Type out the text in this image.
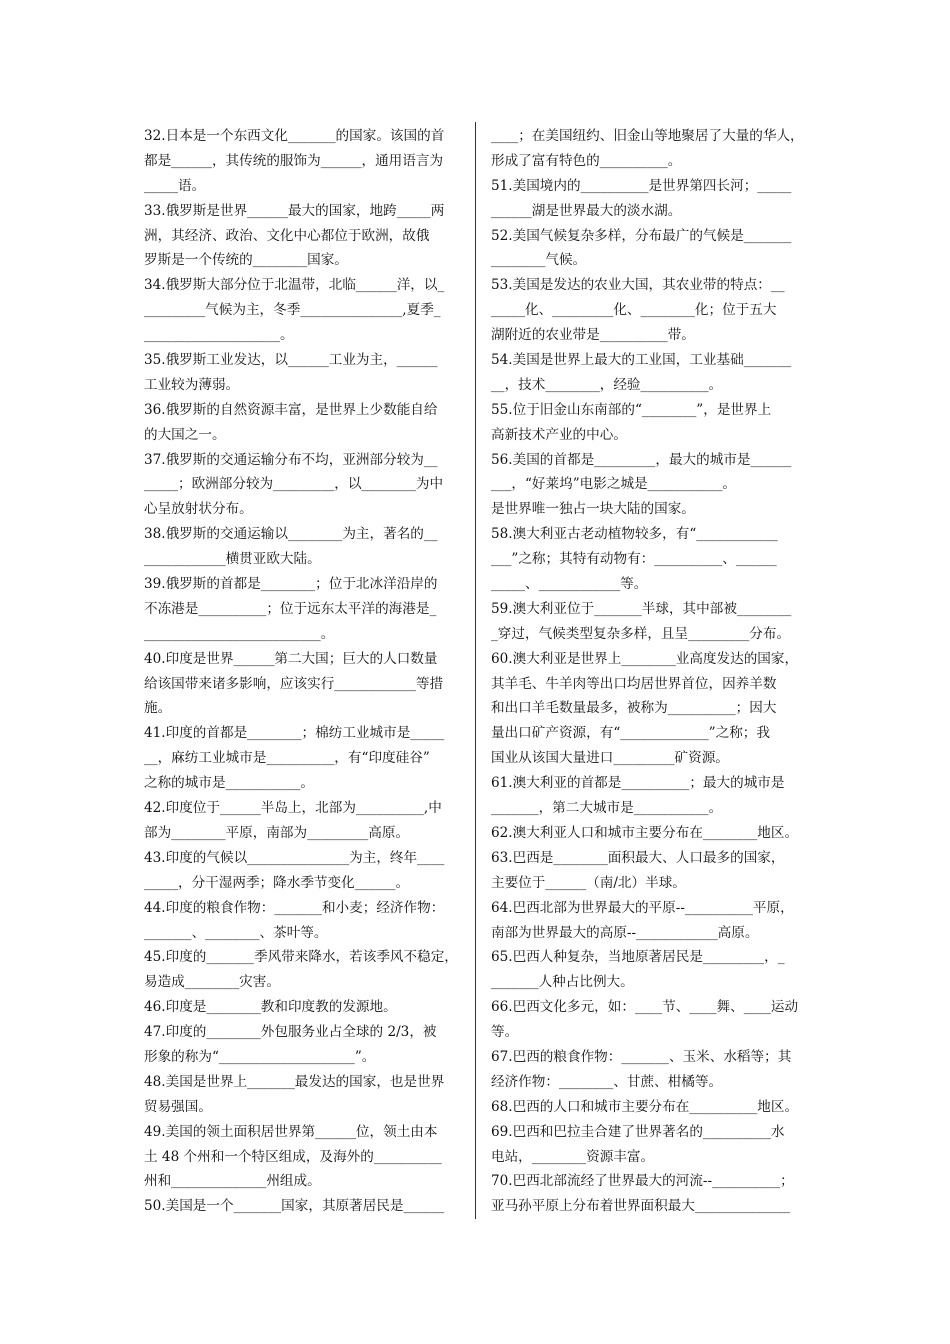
32.日本是一个东西文化_______的国家。该国的首
都是______，其传统的服饰为______，通用语言为
_____语。
33.俄罗斯是世界______最大的国家，地跨_____两
洲，其经济、政治、文化中心都位于欧洲，故俄
罗斯是一个传统的________国家。
34.俄罗斯大部分位于北温带，北临______洋，以_
_________气候为主，冬季_______________,夏季_
____________________。
35.俄罗斯工业发达，以______工业为主，______
工业较为薄弱。
36.俄罗斯的自然资源丰富，是世界上少数能自给
的大国之一。
37.俄罗斯的交通运输分布不均，亚洲部分较为__
_____；欧洲部分较为_________，以________为中
心呈放射状分布。
38.俄罗斯的交通运输以________为主，著名的__
____________横贯亚欧大陆。
39.俄罗斯的首都是________；位于北冰洋沿岸的
不冻港是__________；位于远东太平洋的海港是_
__________________________。
40.印度是世界______第二大国；巨大的人口数量
给该国带来诸多影响，应该实行____________等措
施。
41.印度的首都是________；棉纺工业城市是_____
__，麻纺工业城市是__________，有“印度硅谷”
之称的城市是___________。
42.印度位于______半岛上，北部为__________,中
部为________平原，南部为_________高原。
43.印度的气候以_______________为主，终年____
_____，分干湿两季；降水季节变化______。
44.印度的粮食作物：_______和小麦；经济作物：
_______、________、茶叶等。
45.印度的_______季风带来降水，若该季风不稳定，
易造成________灾害。
46.印度是________教和印度教的发源地。
47.印度的________外包服务业占全球的 2/3，被
形象的称为“____________________”。
48.美国是世界上_______最发达的国家，也是世界
贸易强国。
49.美国的领土面积居世界第______位，领土由本
土 48 个州和一个特区组成，及海外的__________
州和______________州组成。
50.美国是一个_______国家，其原著居民是______
____；在美国纽约、旧金山等地聚居了大量的华人，
形成了富有特色的__________。
51.美国境内的__________是世界第四长河；_____
______湖是世界最大的淡水湖。
52.美国气候复杂多样，分布最广的气候是_______
________气候。
53.美国是发达的农业大国，其农业带的特点：__
_____化、_________化、________化；位于五大
湖附近的农业带是__________带。
54.美国是世界上最大的工业国，工业基础_______
__，技术________，经验__________。
55.位于旧金山东南部的“________”，是世界上
高新技术产业的中心。
56.美国的首都是_________，最大的城市是______
___，“好莱坞”电影之城是___________。
是世界唯一独占一块大陆的国家。
58.澳大利亚古老动植物较多，有“____________
___”之称；其特有动物有：__________、______
_____、____________等。
59.澳大利亚位于_______半球，其中部被________
_穿过，气候类型复杂多样，且呈_________分布。
60.澳大利亚是世界上________业高度发达的国家，
其羊毛、牛羊肉等出口均居世界首位，因养羊数
和出口羊毛数量最多，被称为__________；因大
量出口矿产资源，有“_____________”之称；我
国业从该国大量进口_________矿资源。
61.澳大利亚的首都是__________；最大的城市是
_______，第二大城市是___________。
62.澳大利亚人口和城市主要分布在________地区。
63.巴西是________面积最大、人口最多的国家，
主要位于______（南/北）半球。
64.巴西北部为世界最大的平原--__________平原，
南部为世界最大的高原--____________高原。
65.巴西人种复杂，当地原著居民是_________，_
_______人种占比例大。
66.巴西文化多元，如：____节、____舞、____运动
等。
67.巴西的粮食作物：_______、玉米、水稻等；其
经济作物：________、甘蔗、柑橘等。
68.巴西的人口和城市主要分布在__________地区。
69.巴西和巴拉圭合建了世界著名的__________水
电站，________资源丰富。
70.巴西北部流经了世界最大的河流--__________；
亚马孙平原上分布着世界面积最大______________
